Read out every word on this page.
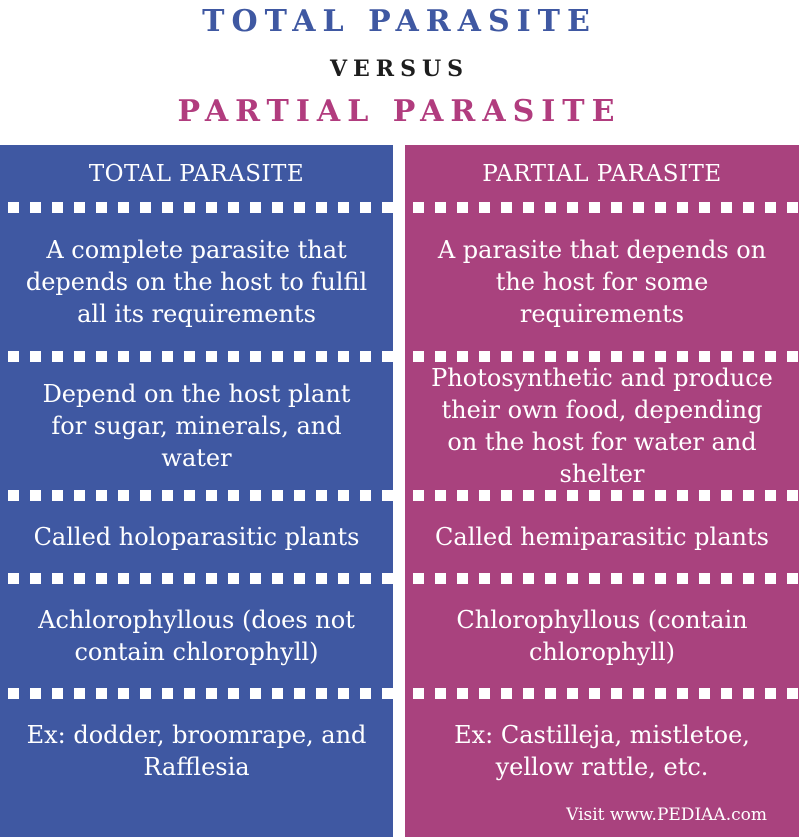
TOTAL PARASITE
VERSUS
PARTIAL PARASITE
TOTAL PARASITE
A complete parasite that depends on the host to fulfil all its requirements
Depend on the host plant for sugar, minerals, and water
Called holoparasitic plants
Achlorophyllous (does not contain chlorophyll)
Ex: dodder, broomrape, and Rafflesia
PARTIAL PARASITE
A parasite that depends on the host for some requirements
Photosynthetic and produce their own food, depending on the host for water and shelter
Called hemiparasitic plants
Chlorophyllous (contain chlorophyll)
Ex: Castilleja, mistletoe, yellow rattle, etc.
Visit www.PEDIAA.com
